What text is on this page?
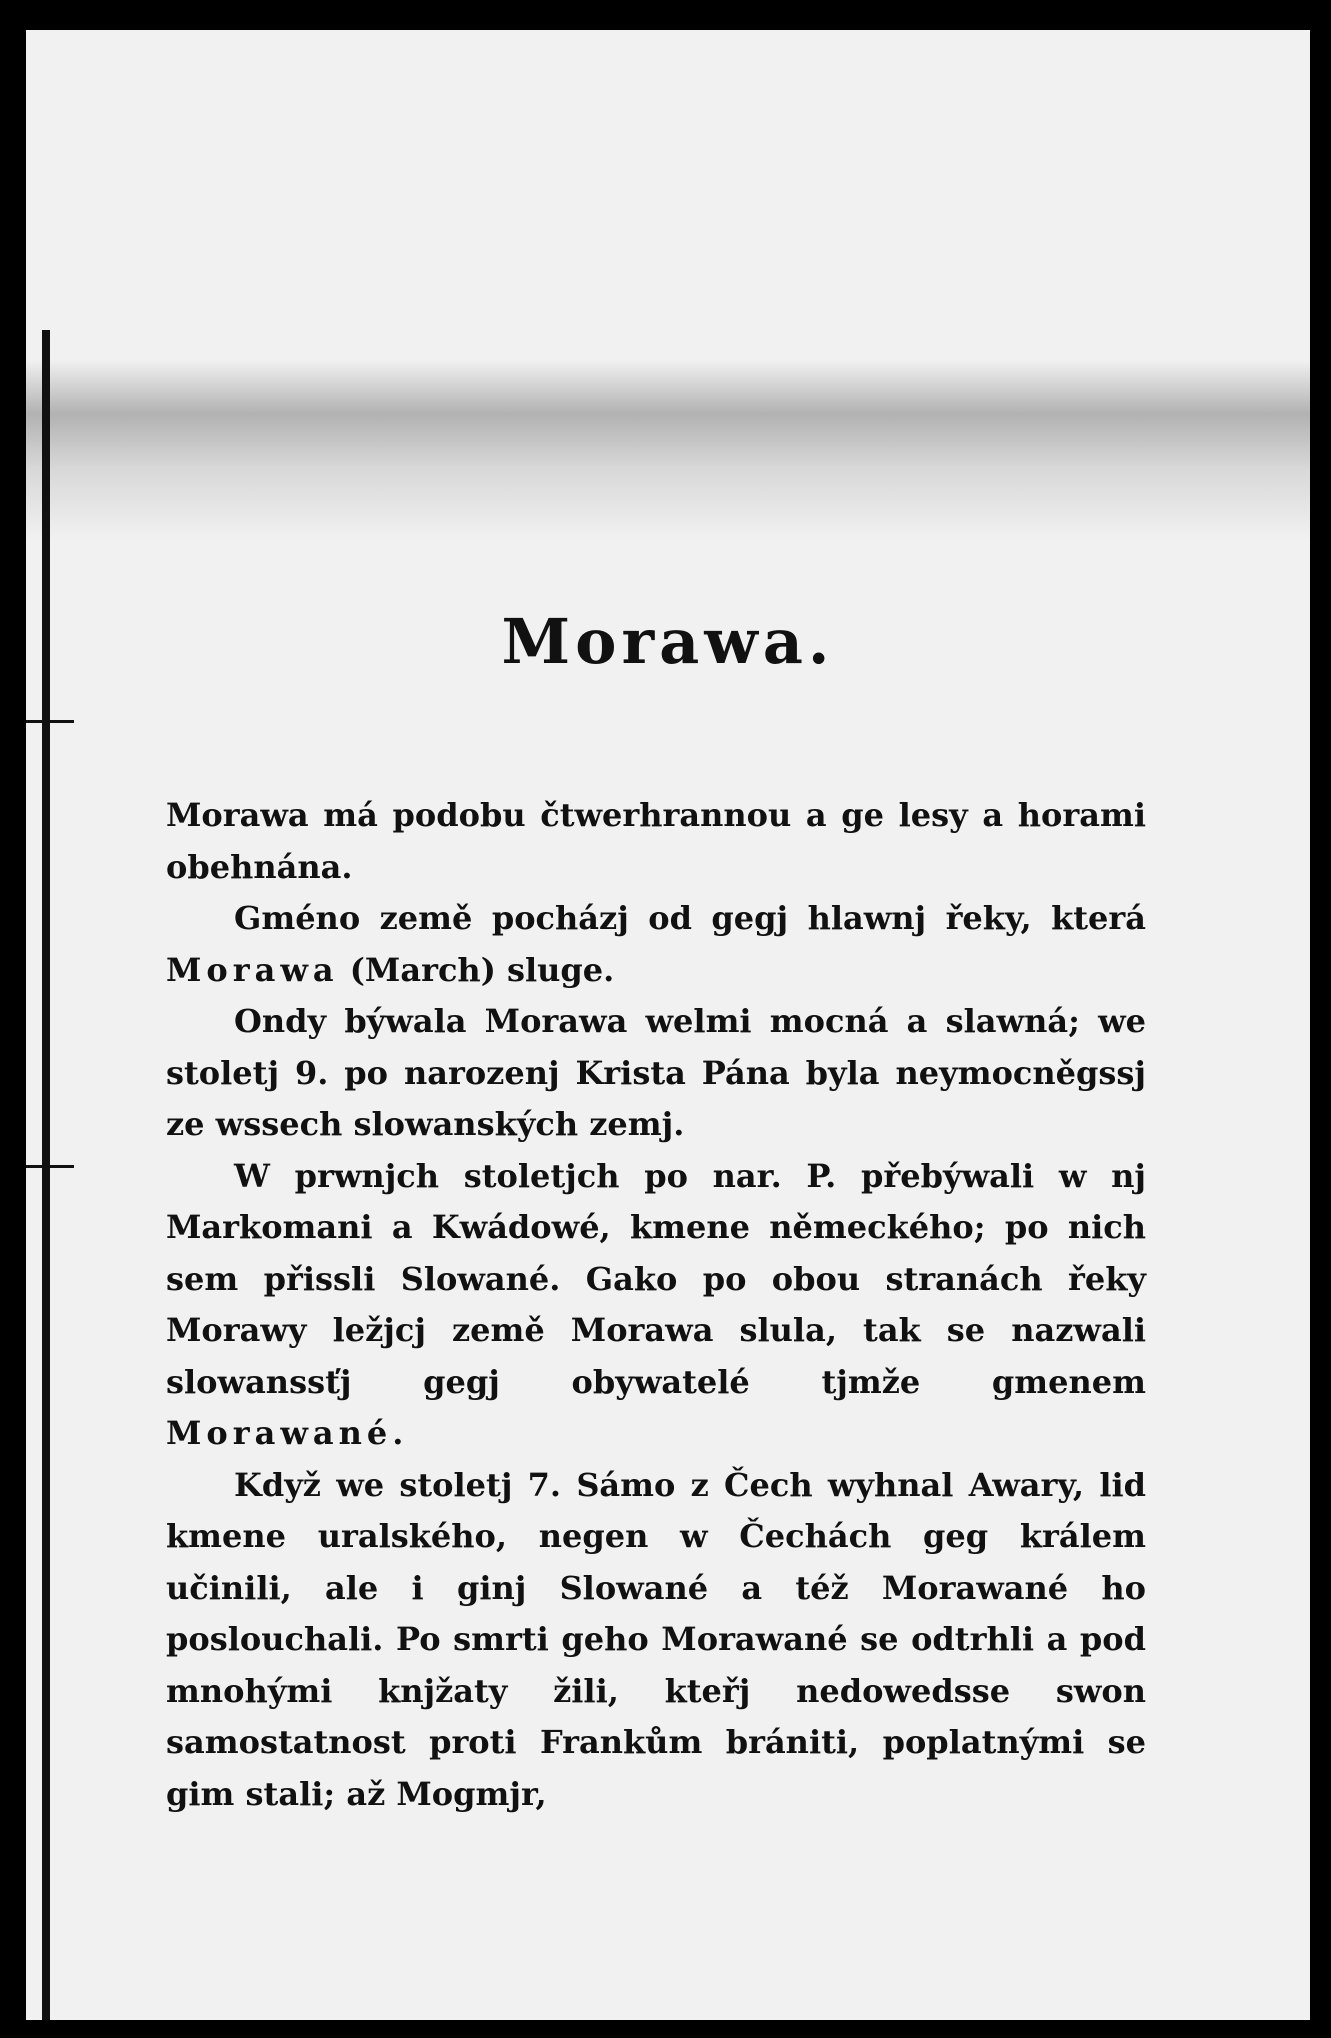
Morawa.

Morawa má podobu čtwerhrannou a ge lesy a horami obehnána.

Gméno země pocházj od gegj hlawnj řeky, která Morawa (March) sluge.

Ondy býwala Morawa welmi mocná a slawná; we stoletj 9. po narozenj Krista Pána byla neymocněgssj ze wssech slowanských zemj.

W prwnjch stoletjch po nar. P. přebýwali w nj Markomani a Kwádowé, kmene německého; po nich sem přissli Slowané. Gako po obou stranách řeky Morawy ležjcj země Morawa slula, tak se nazwali slowanssťj gegj obywatelé tjmže gmenem Morawané.

Když we stoletj 7. Sámo z Čech wyhnal Awary, lid kmene uralského, negen w Čechách geg králem učinili, ale i ginj Slowané a též Morawané ho poslouchali. Po smrti geho Morawané se odtrhli a pod mnohými knjžaty žili, kteřj nedowedsse swon samostatnost proti Frankům brániti, poplatnými se gim stali; až Mogmjr,
